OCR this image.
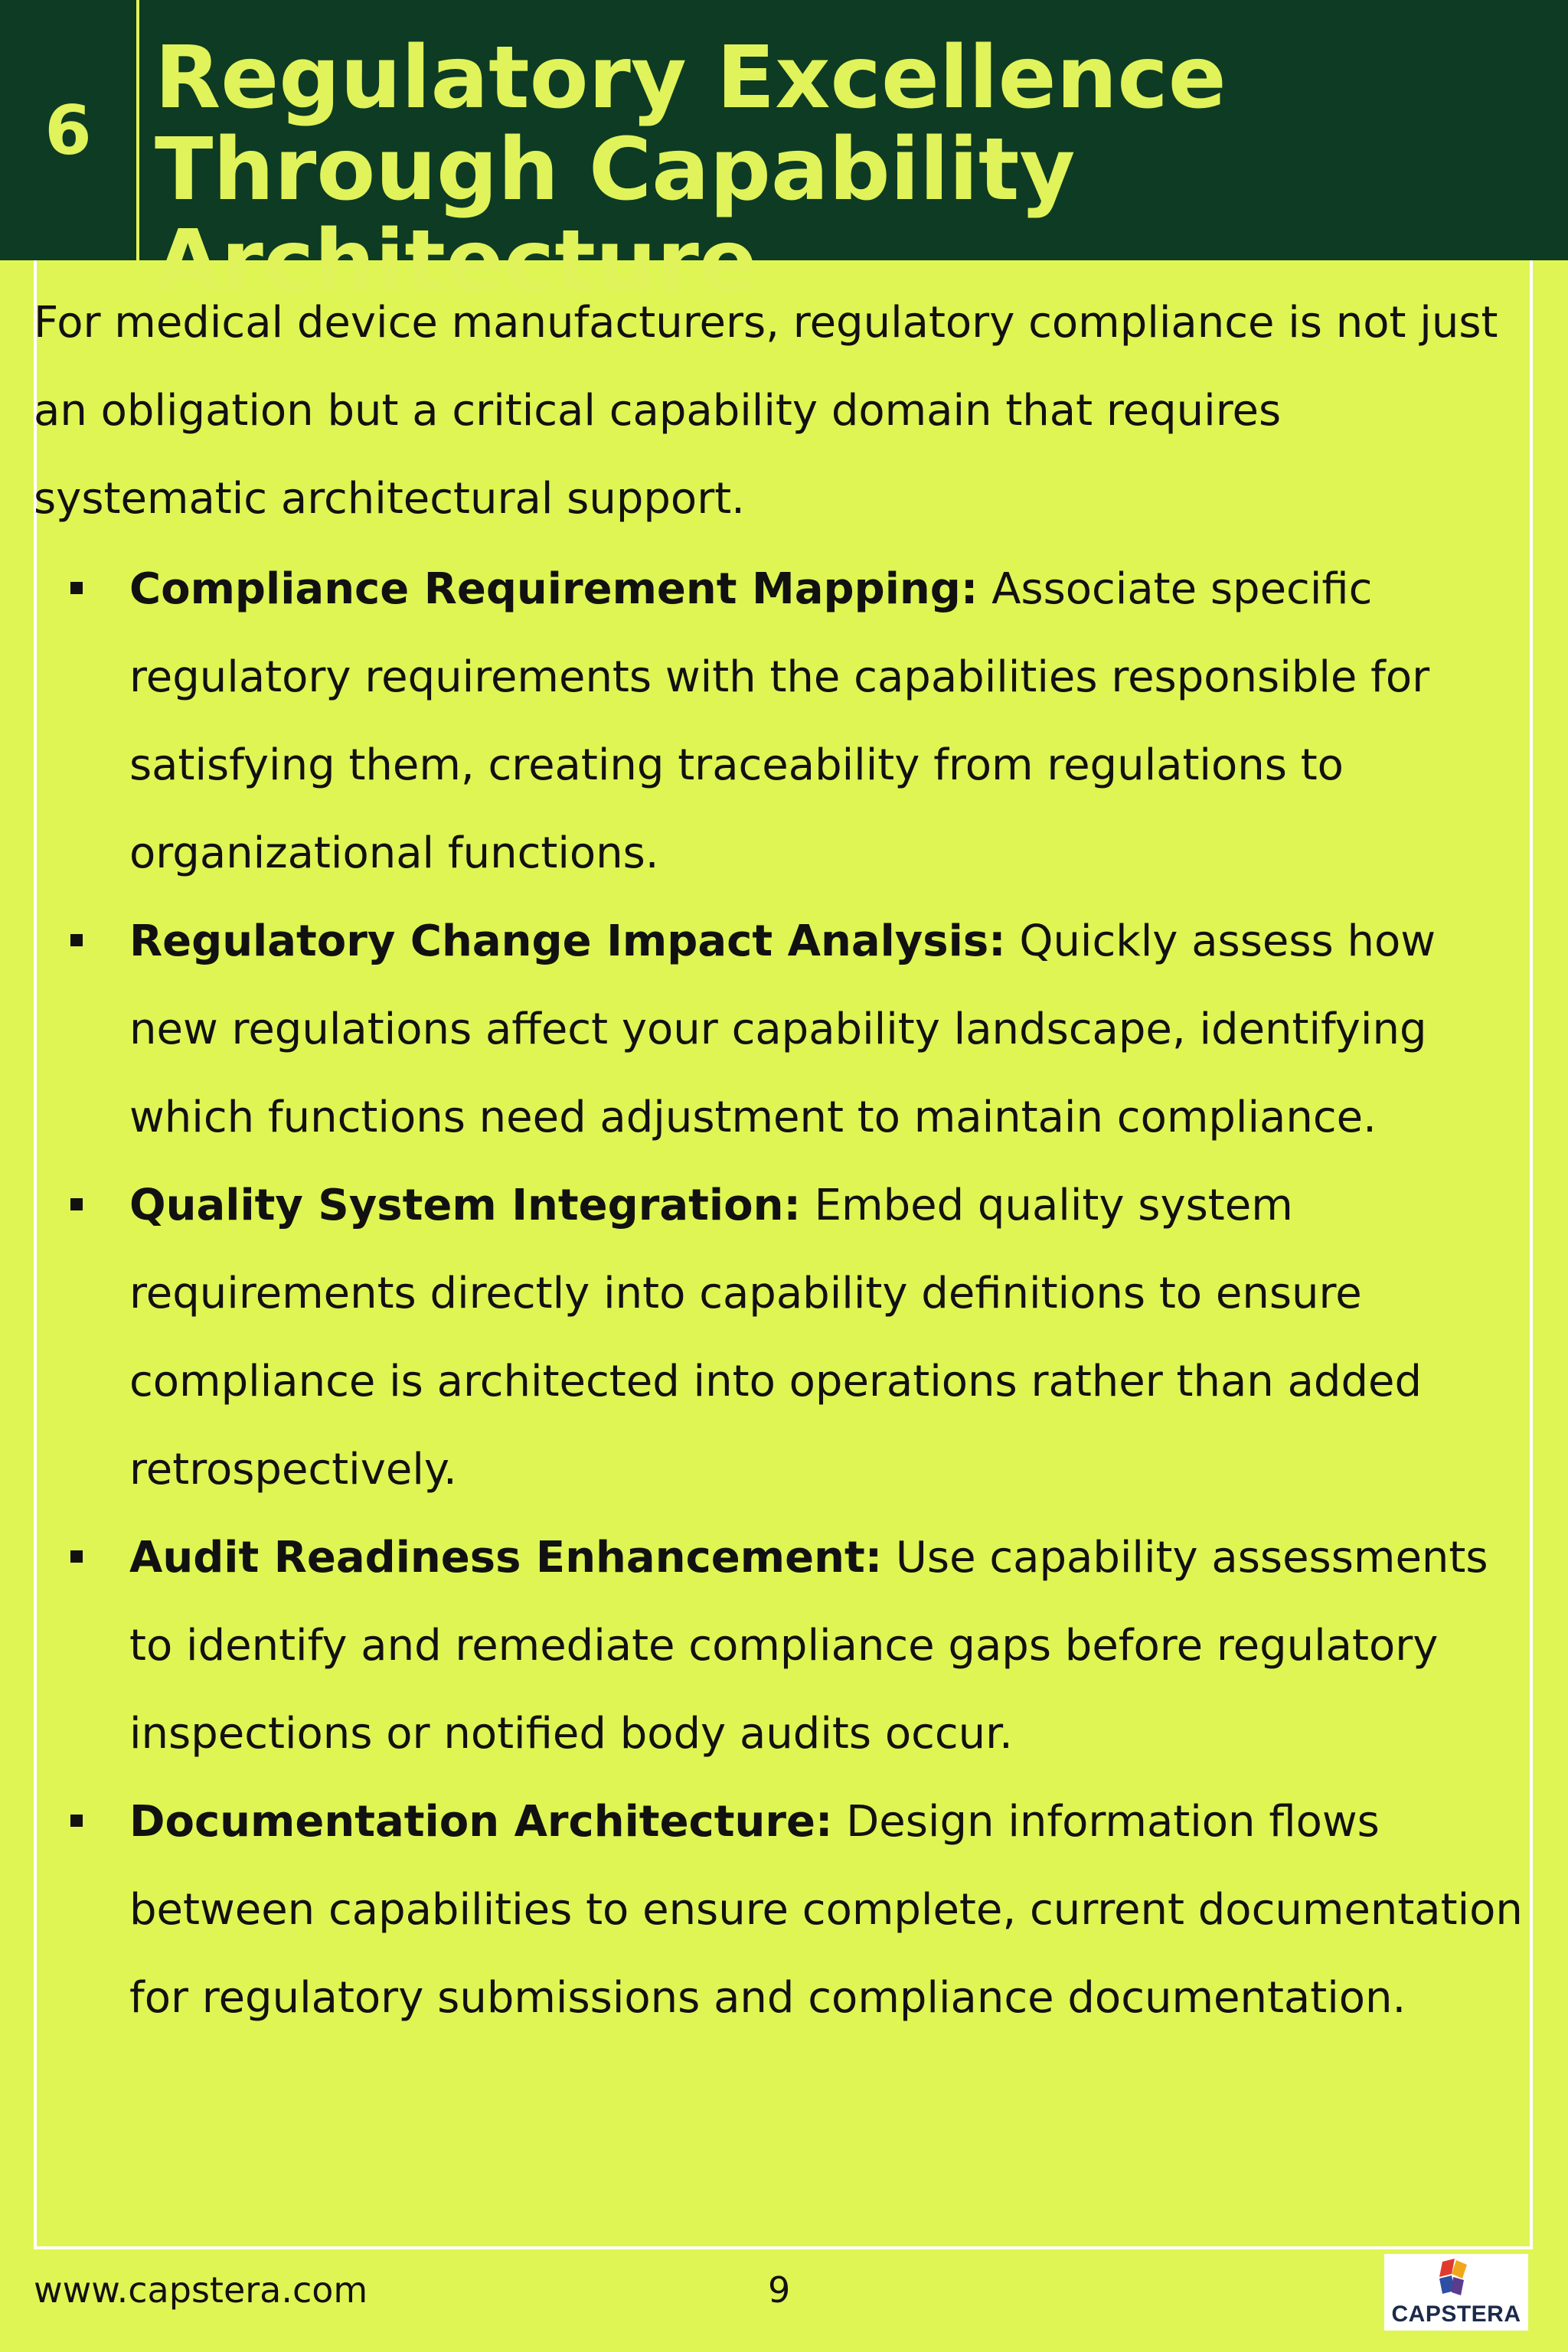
6
Regulatory Excellence Through Capability Architecture

For medical device manufacturers, regulatory compliance is not just an obligation but a critical capability domain that requires systematic architectural support.

Compliance Requirement Mapping: Associate specific regulatory requirements with the capabilities responsible for satisfying them, creating traceability from regulations to organizational functions.
Regulatory Change Impact Analysis: Quickly assess how new regulations affect your capability landscape, identifying which functions need adjustment to maintain compliance.
Quality System Integration: Embed quality system requirements directly into capability definitions to ensure compliance is architected into operations rather than added retrospectively.
Audit Readiness Enhancement: Use capability assessments to identify and remediate compliance gaps before regulatory inspections or notified body audits occur.
Documentation Architecture: Design information flows between capabilities to ensure complete, current documentation for regulatory submissions and compliance documentation.
www.capstera.com	9
CAPSTERA
